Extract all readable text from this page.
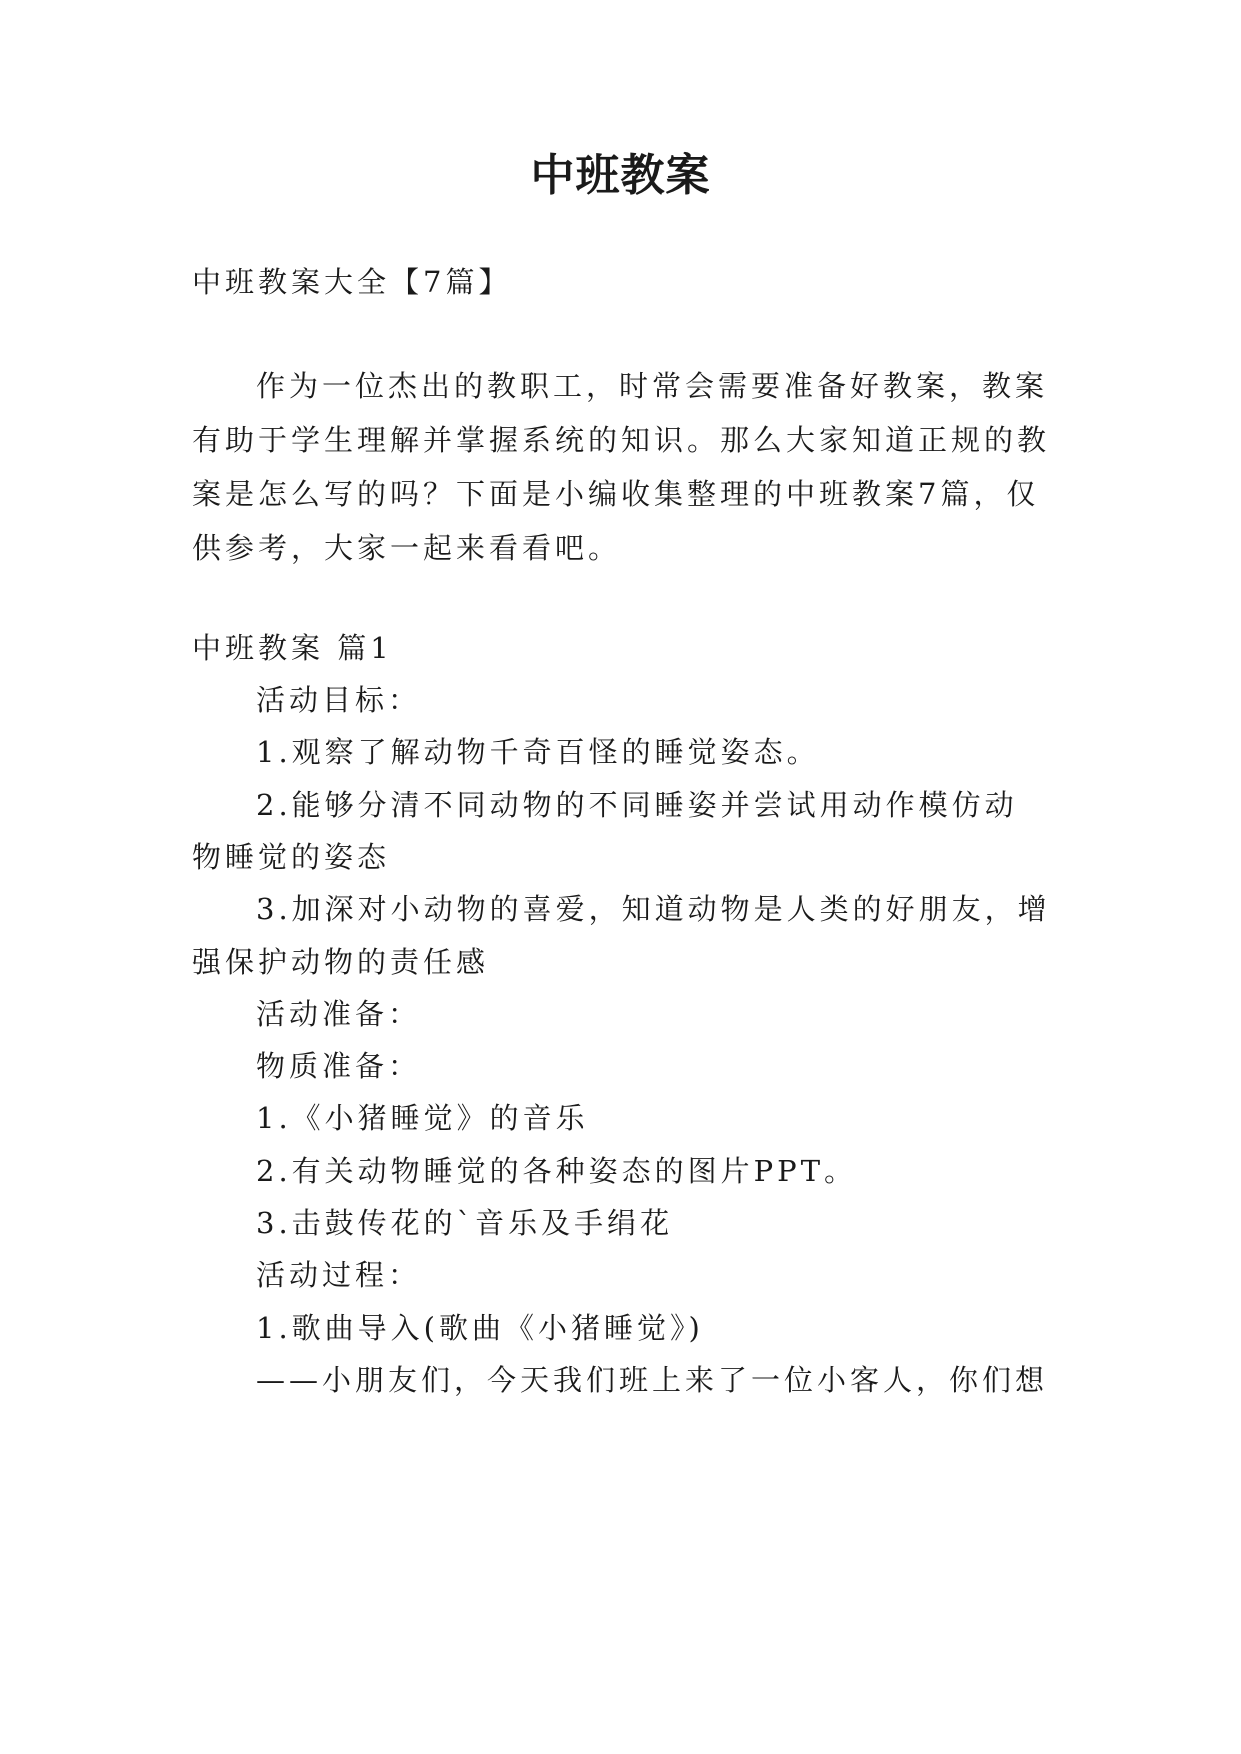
中班教案
中班教案大全【7篇】
作为一位杰出的教职工，时常会需要准备好教案，教案
有助于学生理解并掌握系统的知识。那么大家知道正规的教
案是怎么写的吗？下面是小编收集整理的中班教案7篇，仅
供参考，大家一起来看看吧。
中班教案 篇1
活动目标：
1.观察了解动物千奇百怪的睡觉姿态。
2.能够分清不同动物的不同睡姿并尝试用动作模仿动
物睡觉的姿态
3.加深对小动物的喜爱，知道动物是人类的好朋友，增
强保护动物的责任感
活动准备：
物质准备：
1.《小猪睡觉》的音乐
2.有关动物睡觉的各种姿态的图片PPT。
3.击鼓传花的`音乐及手绢花
活动过程：
1.歌曲导入(歌曲《小猪睡觉》)
——小朋友们，今天我们班上来了一位小客人，你们想
